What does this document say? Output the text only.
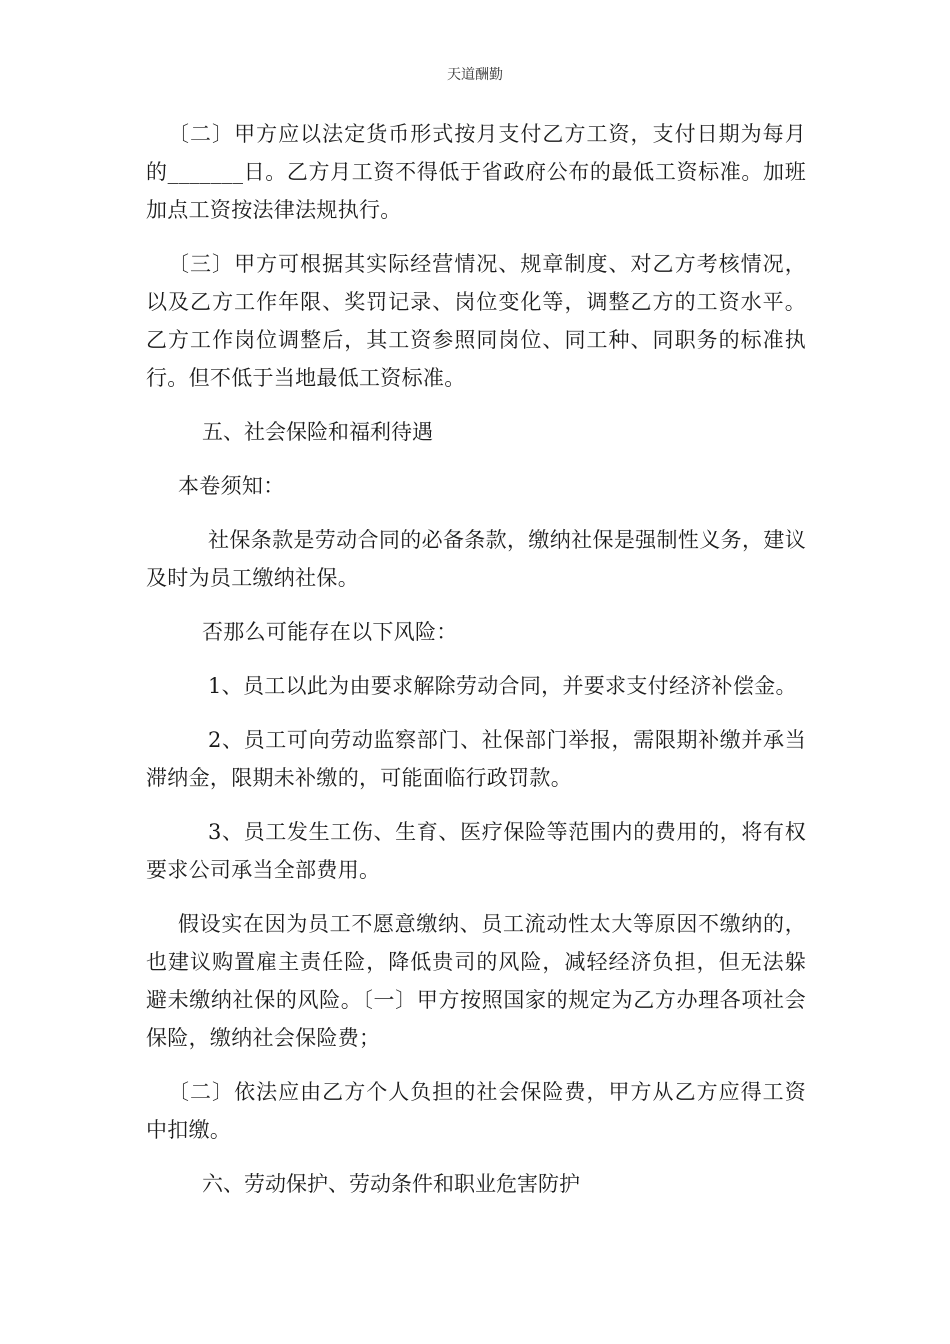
天道酬勤

〔二〕甲方应以法定货币形式按月支付乙方工资，支付日期为每月的_______日。乙方月工资不得低于省政府公布的最低工资标准。加班加点工资按法律法规执行。

〔三〕甲方可根据其实际经营情况、规章制度、对乙方考核情况，以及乙方工作年限、奖罚记录、岗位变化等，调整乙方的工资水平。乙方工作岗位调整后，其工资参照同岗位、同工种、同职务的标准执行。但不低于当地最低工资标准。

五、社会保险和福利待遇

本卷须知：

社保条款是劳动合同的必备条款，缴纳社保是强制性义务，建议及时为员工缴纳社保。

否那么可能存在以下风险：

1、员工以此为由要求解除劳动合同，并要求支付经济补偿金。

2、员工可向劳动监察部门、社保部门举报，需限期补缴并承当滞纳金，限期未补缴的，可能面临行政罚款。

3、员工发生工伤、生育、医疗保险等范围内的费用的，将有权要求公司承当全部费用。

假设实在因为员工不愿意缴纳、员工流动性太大等原因不缴纳的，也建议购置雇主责任险，降低贵司的风险，减轻经济负担，但无法躲避未缴纳社保的风险。〔一〕甲方按照国家的规定为乙方办理各项社会保险，缴纳社会保险费；

〔二〕依法应由乙方个人负担的社会保险费，甲方从乙方应得工资中扣缴。

六、劳动保护、劳动条件和职业危害防护
